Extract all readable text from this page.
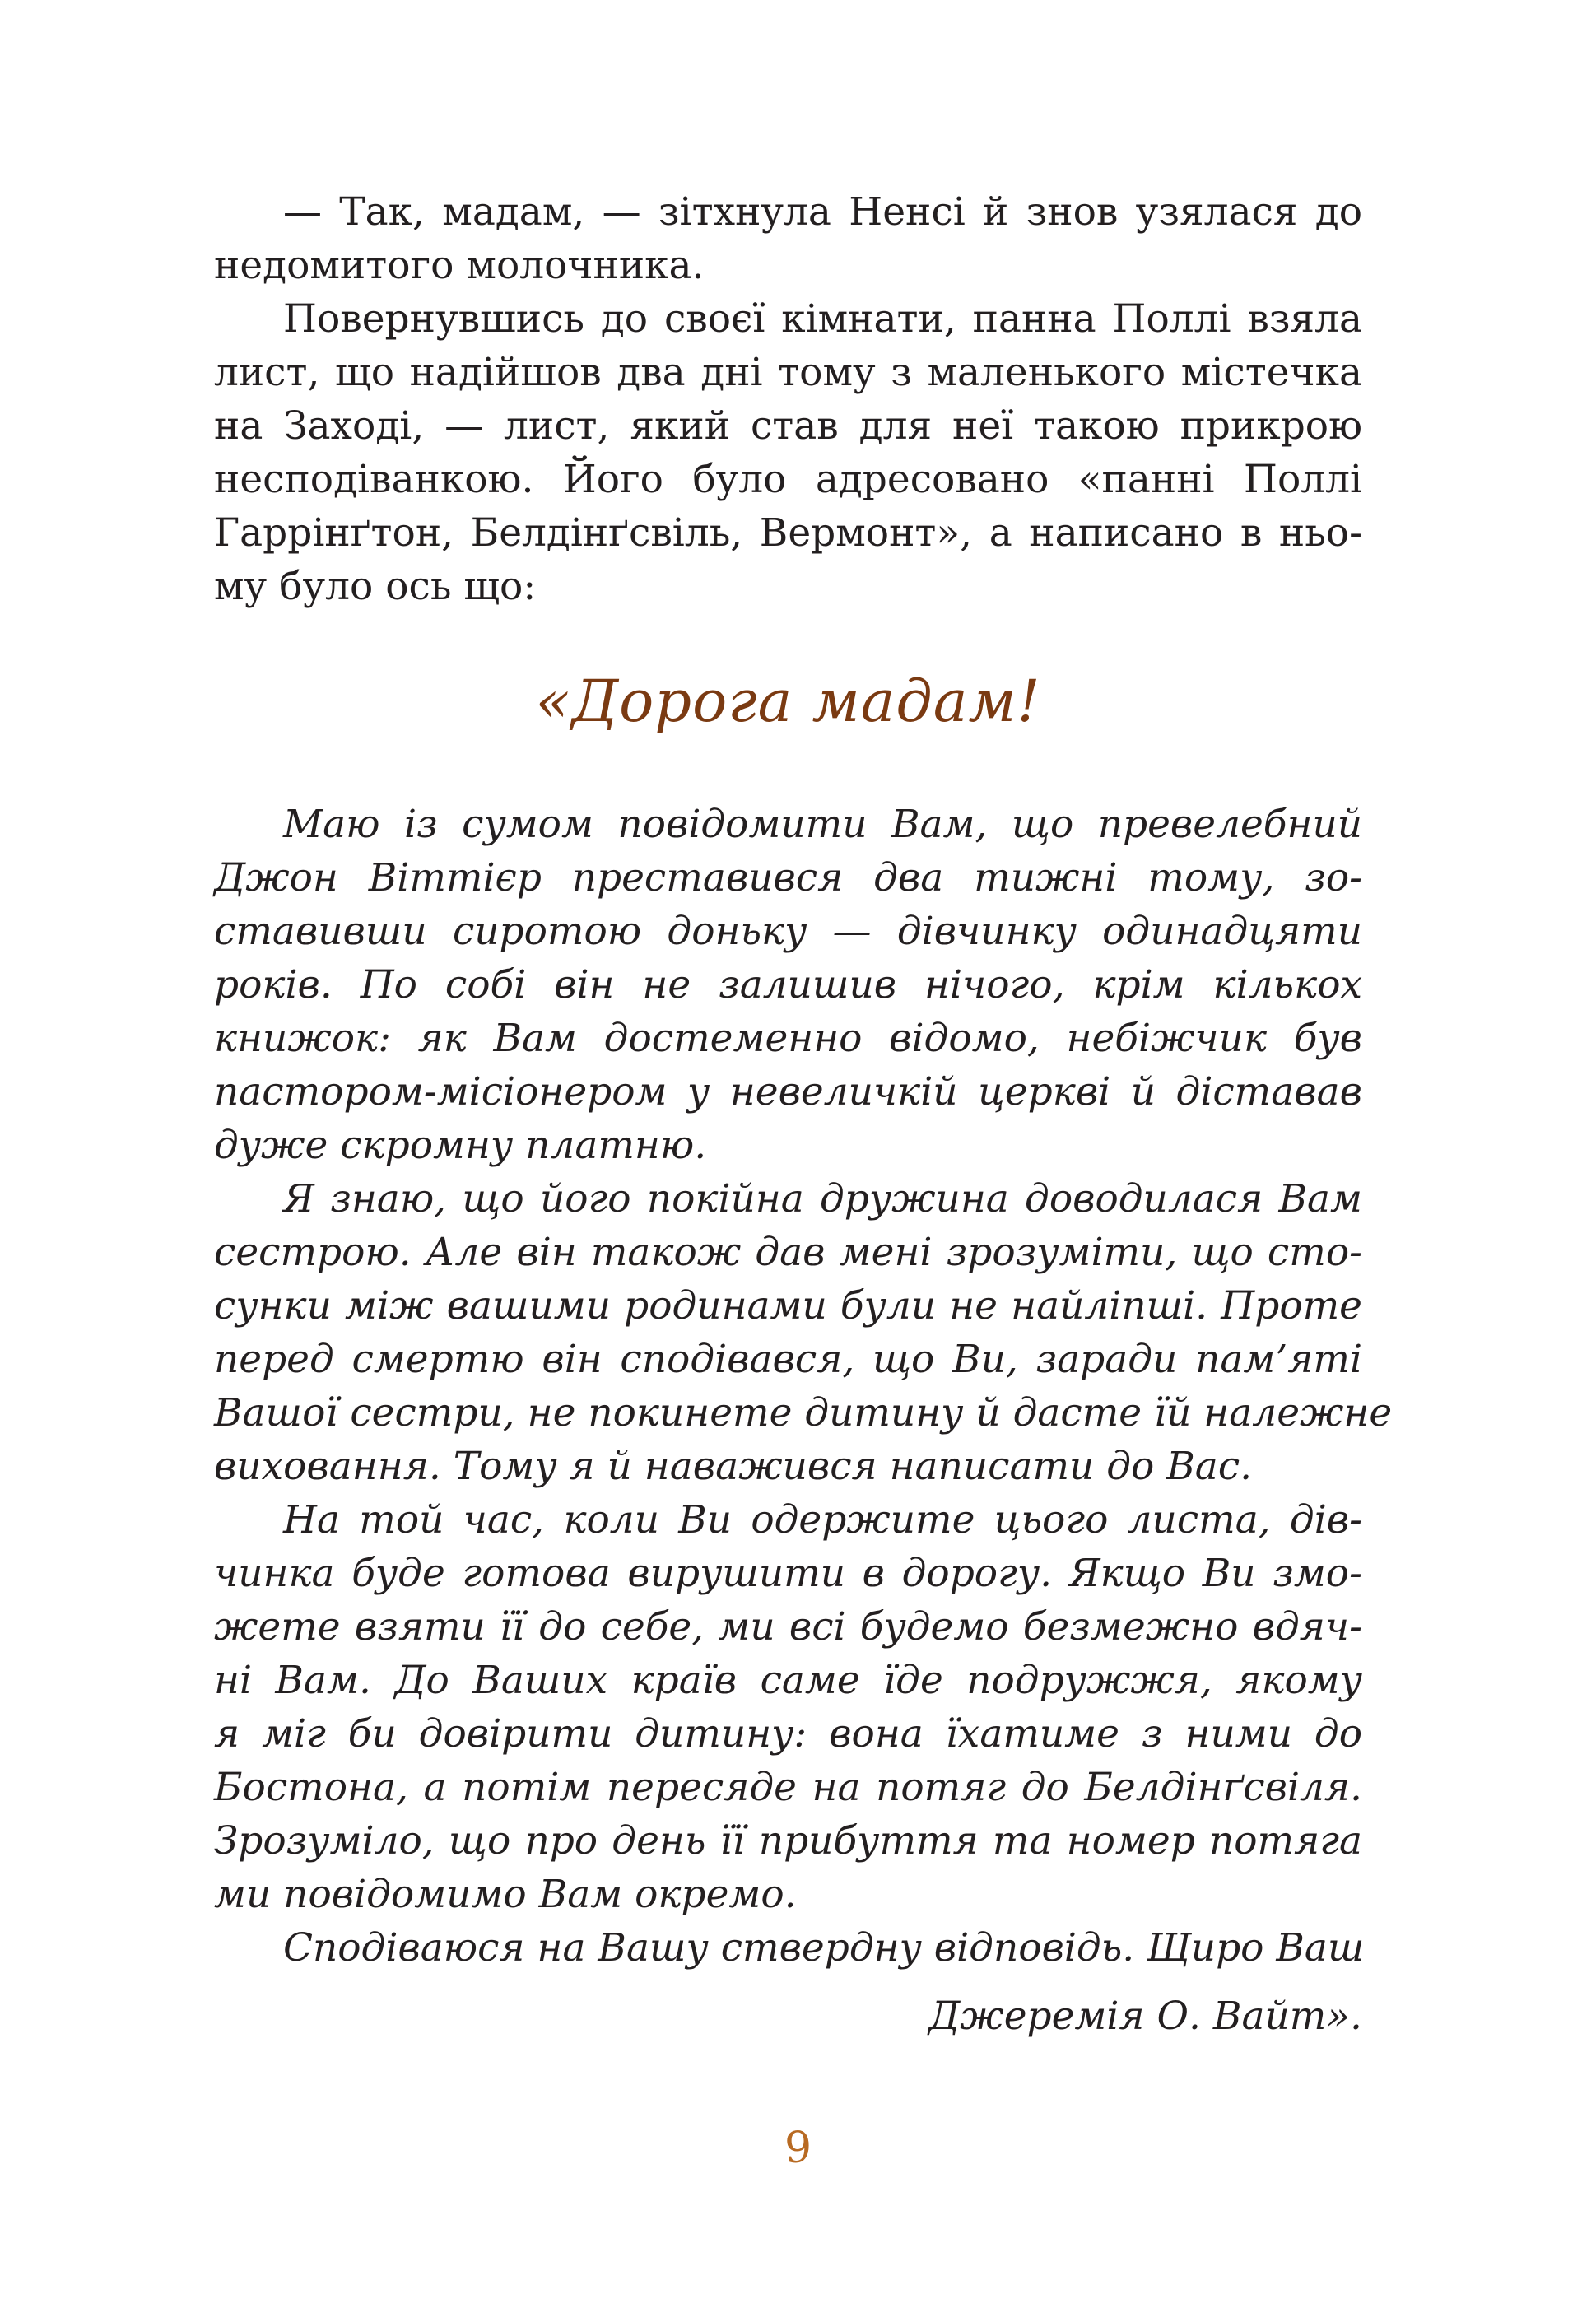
— Так, мадам, — зітхнула Ненсі й знов узялася до
недомитого молочника.
Повернувшись до своєї кімнати, панна Поллі взяла
лист, що надійшов два дні тому з маленького містечка
на Заході, — лист, який став для неї такою прикрою
несподіванкою. Його було адресовано «панні Поллі
Гаррінґтон, Белдінґсвіль, Вермонт», а написано в ньо-
му було ось що:
«Дорога мадам!
Маю із сумом повідомити Вам, що превелебний
Джон Віттієр преставився два тижні тому, зо-
ставивши сиротою доньку — дівчинку одинадцяти
років. По собі він не залишив нічого, крім кількох
книжок: як Вам достеменно відомо, небіжчик був
пастором-місіонером у невеличкій церкві й діставав
дуже скромну платню.
Я знаю, що його покійна дружина доводилася Вам
сестрою. Але він також дав мені зрозуміти, що сто-
сунки між вашими родинами були не найліпші. Проте
перед смертю він сподівався, що Ви, заради пам’яті
Вашої сестри, не покинете дитину й дасте їй належне
виховання. Тому я й наважився написати до Вас.
На той час, коли Ви одержите цього листа, дів-
чинка буде готова вирушити в дорогу. Якщо Ви змо-
жете взяти її до себе, ми всі будемо безмежно вдяч-
ні Вам. До Ваших країв саме їде подружжя, якому
я міг би довірити дитину: вона їхатиме з ними до
Бостона, а потім пересяде на потяг до Белдінґсвіля.
Зрозуміло, що про день її прибуття та номер потяга
ми повідомимо Вам окремо.
Сподіваюся на Вашу ствердну відповідь. Щиро Ваш
Джеремія О. Вайт».
9
